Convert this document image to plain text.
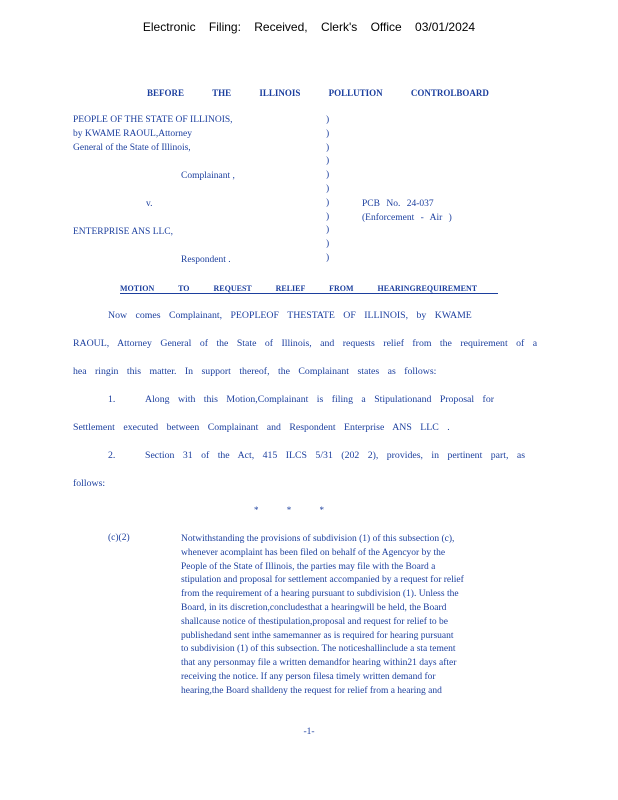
Electronic Filing: Received, Clerk's Office 03/01/2024
BEFORE THE ILLINOIS POLLUTION CONTROLBOARD
PEOPLE OF THE STATE OF ILLINOIS,
by KWAME RAOUL,Attorney
General of the State of Illinois,
Complainant ,
v.
ENTERPRISE ANS LLC,
Respondent .
)
)
)
)
)
)
)
)
)
)
)
PCB No. 24-037
(Enforcement - Air )
MOTION TO REQUEST RELIEF FROM HEARINGREQUIREMENT
Now comes Complainant, PEOPLEOF THESTATE OF ILLINOIS, by KWAME
RAOUL, Attorney General of the State of Illinois, and requests relief from the requirement of a
hea ringin this matter. In support thereof, the Complainant states as follows:
1.	Along with this Motion,Complainant is filing a Stipulationand Proposal for
Settlement executed between Complainant and Respondent Enterprise ANS LLC .
2.	Section 31 of the Act, 415 ILCS 5/31 (202 2), provides, in pertinent part, as
follows:
* * *
(c)(2)	Notwithstanding the provisions of subdivision (1) of this subsection (c),
whenever acomplaint has been filed on behalf of the Agencyor by the
People of the State of Illinois, the parties may file with the Board a
stipulation and proposal for settlement accompanied by a request for relief
from the requirement of a hearing pursuant to subdivision (1). Unless the
Board, in its discretion,concludesthat a hearingwill be held, the Board
shallcause notice of thestipulation,proposal and request for relief to be
publishedand sent inthe samemanner as is required for hearing pursuant
to subdivision (1) of this subsection. The noticeshallinclude a sta tement
that any personmay file a written demandfor hearing within21 days after
receiving the notice. If any person filesa timely written demand for
hearing,the Board shalldeny the request for relief from a hearing and
-1-
